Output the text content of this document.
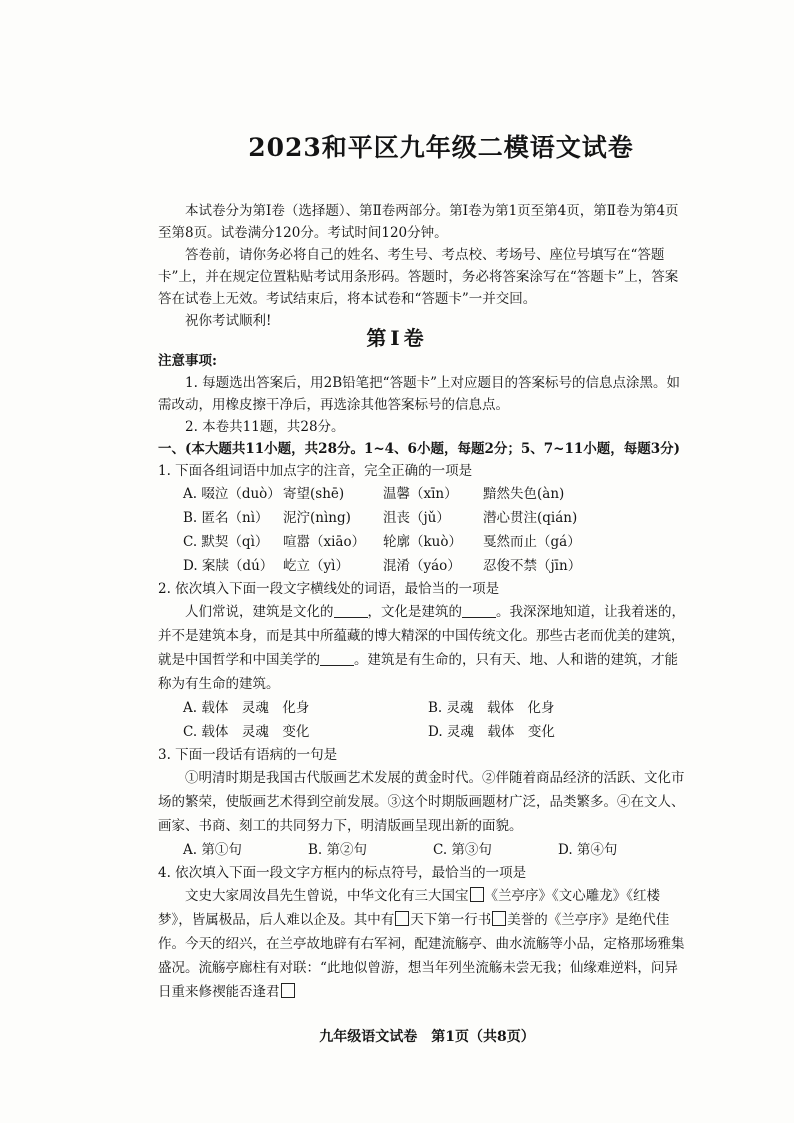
2023和平区九年级二模语文试卷

本试卷分为第Ⅰ卷（选择题）、第Ⅱ卷两部分。第Ⅰ卷为第1页至第4页，第Ⅱ卷为第4页至第8页。试卷满分120分。考试时间120分钟。

答卷前，请你务必将自己的姓名、考生号、考点校、考场号、座位号填写在“答题卡”上，并在规定位置粘贴考试用条形码。答题时，务必将答案涂写在“答题卡”上，答案答在试卷上无效。考试结束后，将本试卷和“答题卡”一并交回。

祝你考试顺利!

第Ⅰ卷
注意事项:

1. 每题选出答案后，用2B铅笔把“答题卡”上对应题目的答案标号的信息点涂黑。如需改动，用橡皮擦干净后，再选涂其他答案标号的信息点。

2. 本卷共11题，共28分。

一、(本大题共11小题，共28分。1~4、6小题，每题2分；5、7~11小题，每题3分)
1. 下面各组词语中加点字的注音，完全正确的一项是
A. 啜泣（duò） 寄望(shē)	温馨（xīn）	黯然失色(àn)
B. 匿名（nì）	泥泞(nìng)	沮丧（jǔ）	潜心贯注(qián)
C. 默契（qì）	喧嚣（xiāo）	轮廓（kuò）	戛然而止（gá）
D. 案牍（dú） 屹立（yì）	混淆（yáo）	忍俊不禁（jīn）
2. 依次填入下面一段文字横线处的词语，最恰当的一项是

人们常说，建筑是文化的	，文化是建筑的	。我深深地知道，让我着迷的，并不是建筑本身，而是其中所蕴藏的博大精深的中国传统文化。那些古老而优美的建筑，就是中国哲学和中国美学的	。建筑是有生命的，只有天、地、人和谐的建筑，才能称为有生命的建筑。

A. 载体　灵魂　化身	B. 灵魂　载体　化身
C. 载体　灵魂　变化	D. 灵魂　载体　变化
3. 下面一段话有语病的一句是

①明清时期是我国古代版画艺术发展的黄金时代。②伴随着商品经济的活跃、文化市场的繁荣，使版画艺术得到空前发展。③这个时期版画题材广泛，品类繁多。④在文人、画家、书商、刻工的共同努力下，明清版画呈现出新的面貌。

A. 第①句	B. 第②句	C. 第③句	D. 第④句
4. 依次填入下面一段文字方框内的标点符号，最恰当的一项是

文史大家周汝昌先生曾说，中华文化有三大国宝 《兰亭序》《文心雕龙》《红楼梦》，皆属极品，后人难以企及。其中有 天下第一行书 美誉的《兰亭序》是绝代佳作。今天的绍兴，在兰亭故地辟有右军祠，配建流觞亭、曲水流觞等小品，定格那场雅集盛况。流觞亭廊柱有对联：“此地似曾游，想当年列坐流觞未尝无我；仙缘难逆料，问异日重来修禊能否逢君

九年级语文试卷　第1页（共8页）
